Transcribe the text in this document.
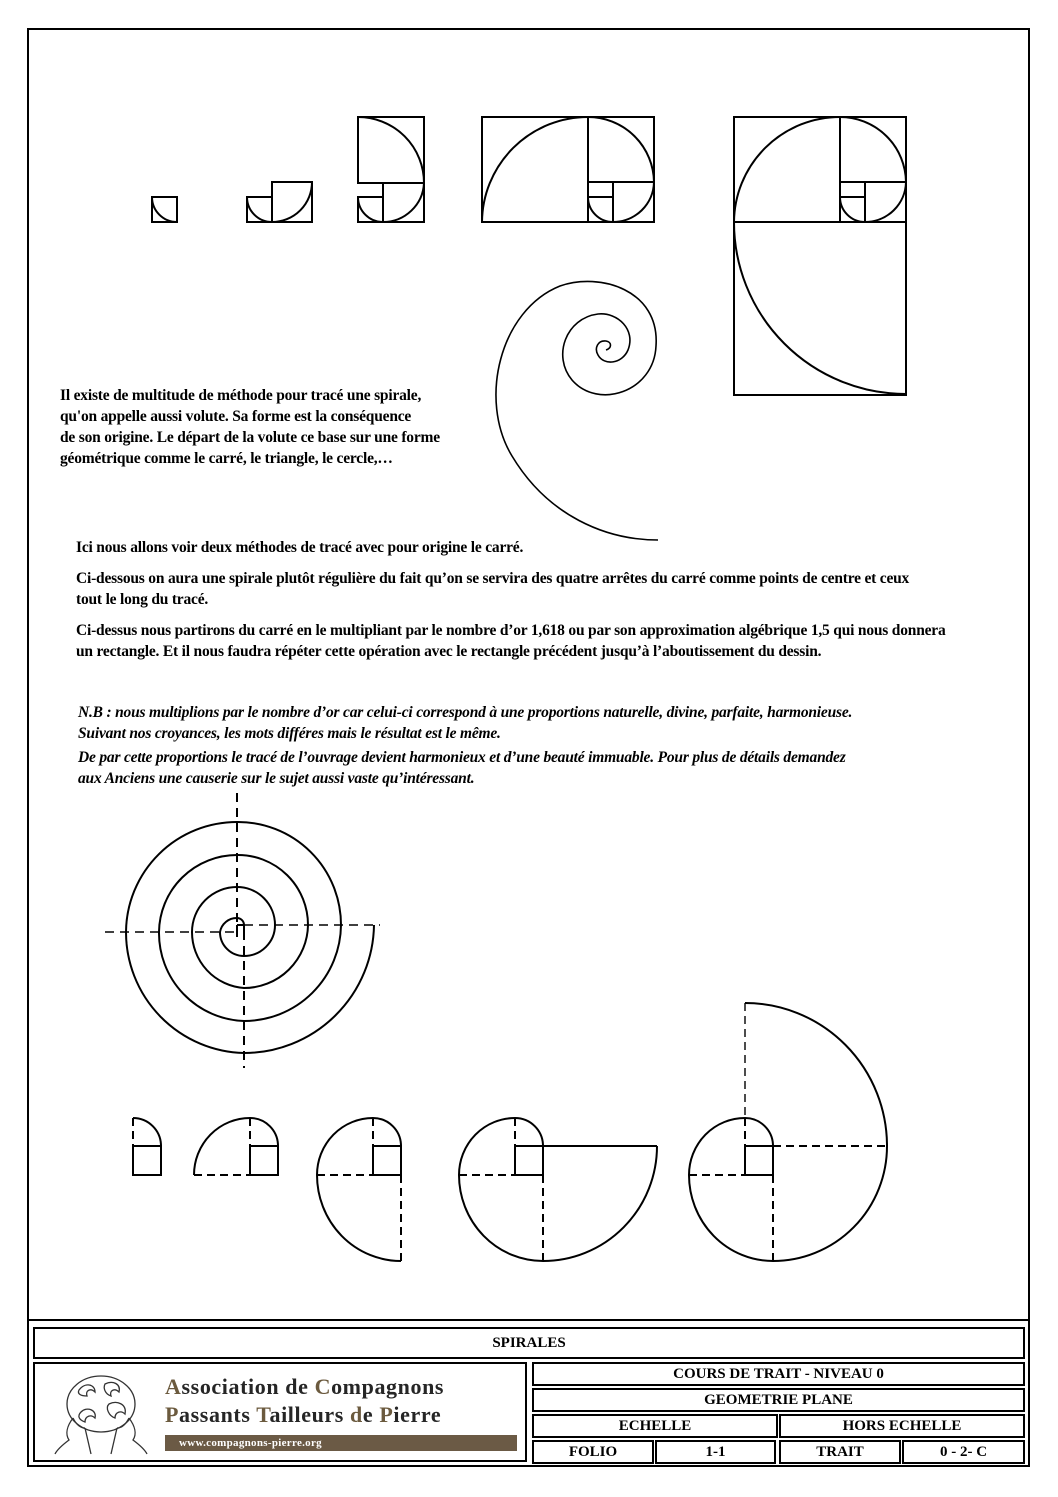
Il existe de multitude de méthode pour tracé une spirale,

qu'on appelle aussi volute. Sa forme est la conséquence

de son origine. Le départ de la volute ce base sur une forme

géométrique comme le carré, le triangle, le cercle,…

Ici nous allons voir deux méthodes de tracé avec pour origine le carré.

Ci-dessous on aura une spirale plutôt régulière du fait qu’on se servira des quatre arrêtes du carré comme points de centre et ceux

tout le long du tracé.

Ci-dessus nous partirons du carré en le multipliant par le nombre d’or 1,618 ou par son approximation algébrique 1,5 qui nous donnera

un rectangle. Et il nous faudra répéter cette opération avec le rectangle précédent jusqu’à l’aboutissement du dessin.

N.B : nous multiplions par le nombre d’or car celui-ci correspond à une proportions naturelle, divine, parfaite, harmonieuse.

Suivant nos croyances, les mots différes mais le résultat est le même.

De par cette proportions le tracé de l’ouvrage devient harmonieux et d’une beauté immuable. Pour plus de détails demandez

aux Anciens une causerie sur le sujet aussi vaste qu’intéressant.

SPIRALES
Association de Compagnons
Passants Tailleurs de Pierre
www.compagnons-pierre.org
COURS DE TRAIT - NIVEAU 0
GEOMETRIE PLANE
ECHELLE	HORS ECHELLE
FOLIO	1-1	TRAIT	0 - 2- C
